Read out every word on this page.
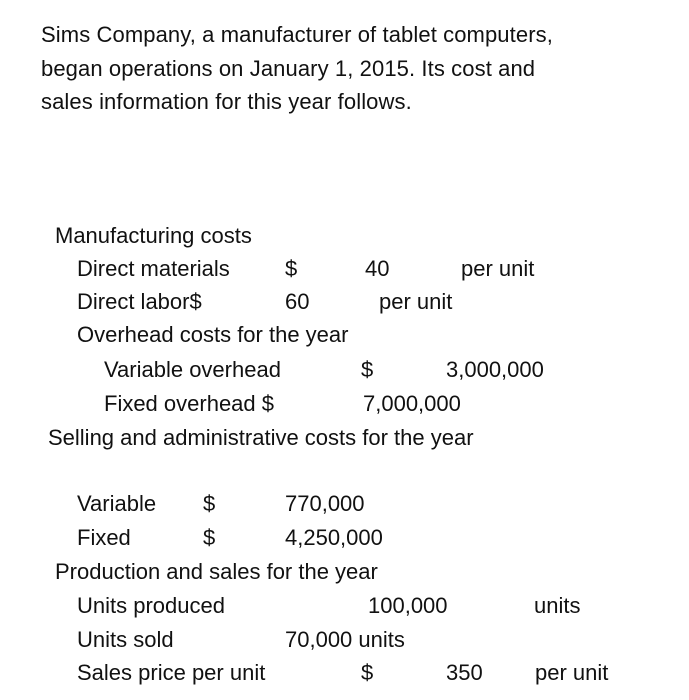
Sims Company, a manufacturer of tablet computers,
began operations on January 1, 2015. Its cost and
sales information for this year follows.
Manufacturing costs
Direct materials	$	40	per unit
Direct labor$	60	per unit
Overhead costs for the year
Variable overhead	$	3,000,000
Fixed overhead $	7,000,000
Selling and administrative costs for the year
Variable $	770,000
Fixed	$	4,250,000
Production and sales for the year
Units produced	100,000	units
Units sold	70,000 units
Sales price per unit	$	350 per unit
